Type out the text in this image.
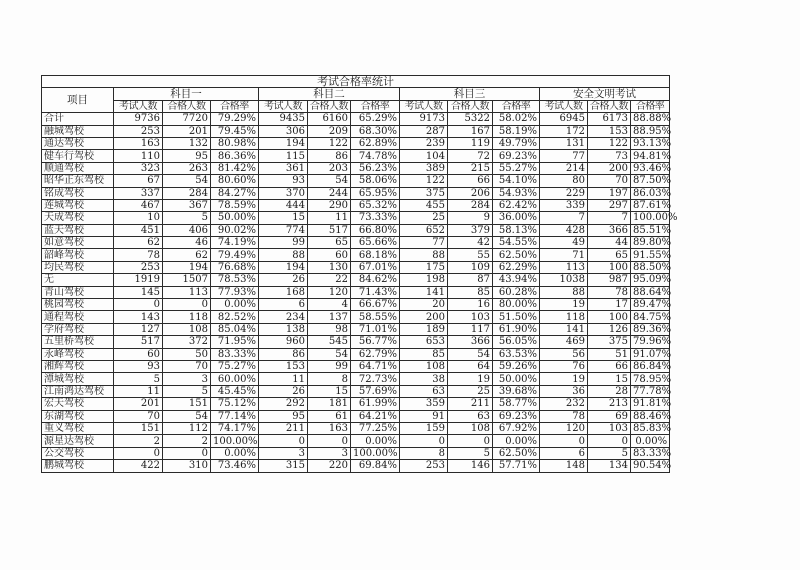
考试合格率统计												
项目	科目一			科目二			科目三			安全文明考试		
	考试人数	合格人数	合格率	考试人数	合格人数	合格率	考试人数	合格人数	合格率	考试人数	合格人数	合格率
合计	9736	7720	79.29%	9435	6160	65.29%	9173	5322	58.02%	6945	6173	88.88%
融城驾校	253	201	79.45%	306	209	68.30%	287	167	58.19%	172	153	88.95%
通达驾校	163	132	80.98%	194	122	62.89%	239	119	49.79%	131	122	93.13%
健车行驾校	110	95	86.36%	115	86	74.78%	104	72	69.23%	77	73	94.81%
顺通驾校	323	263	81.42%	361	203	56.23%	389	215	55.27%	214	200	93.46%
昭华正东驾校	67	54	80.60%	93	54	58.06%	122	66	54.10%	80	70	87.50%
铭成驾校	337	284	84.27%	370	244	65.95%	375	206	54.93%	229	197	86.03%
莲城驾校	467	367	78.59%	444	290	65.32%	455	284	62.42%	339	297	87.61%
天成驾校	10	5	50.00%	15	11	73.33%	25	9	36.00%	7	7	100.00%
蓝天驾校	451	406	90.02%	774	517	66.80%	652	379	58.13%	428	366	85.51%
如意驾校	62	46	74.19%	99	65	65.66%	77	42	54.55%	49	44	89.80%
韶峰驾校	78	62	79.49%	88	60	68.18%	88	55	62.50%	71	65	91.55%
均民驾校	253	194	76.68%	194	130	67.01%	175	109	62.29%	113	100	88.50%
无	1919	1507	78.53%	26	22	84.62%	198	87	43.94%	1038	987	95.09%
青山驾校	145	113	77.93%	168	120	71.43%	141	85	60.28%	88	78	88.64%
桃园驾校	0	0	0.00%	6	4	66.67%	20	16	80.00%	19	17	89.47%
通程驾校	143	118	82.52%	234	137	58.55%	200	103	51.50%	118	100	84.75%
学府驾校	127	108	85.04%	138	98	71.01%	189	117	61.90%	141	126	89.36%
五里桥驾校	517	372	71.95%	960	545	56.77%	653	366	56.05%	469	375	79.96%
永峰驾校	60	50	83.33%	86	54	62.79%	85	54	63.53%	56	51	91.07%
湘辉驾校	93	70	75.27%	153	99	64.71%	108	64	59.26%	76	66	86.84%
潭城驾校	5	3	60.00%	11	8	72.73%	38	19	50.00%	19	15	78.95%
江南鸿达驾校	11	5	45.45%	26	15	57.69%	63	25	39.68%	36	28	77.78%
宏天驾校	201	151	75.12%	292	181	61.99%	359	211	58.77%	232	213	91.81%
东湖驾校	70	54	77.14%	95	61	64.21%	91	63	69.23%	78	69	88.46%
重义驾校	151	112	74.17%	211	163	77.25%	159	108	67.92%	120	103	85.83%
源星达驾校	2	2	100.00%	0	0	0.00%	0	0	0.00%	0	0	0.00%
公交驾校	0	0	0.00%	3	3	100.00%	8	5	62.50%	6	5	83.33%
鹏城驾校	422	310	73.46%	315	220	69.84%	253	146	57.71%	148	134	90.54%
